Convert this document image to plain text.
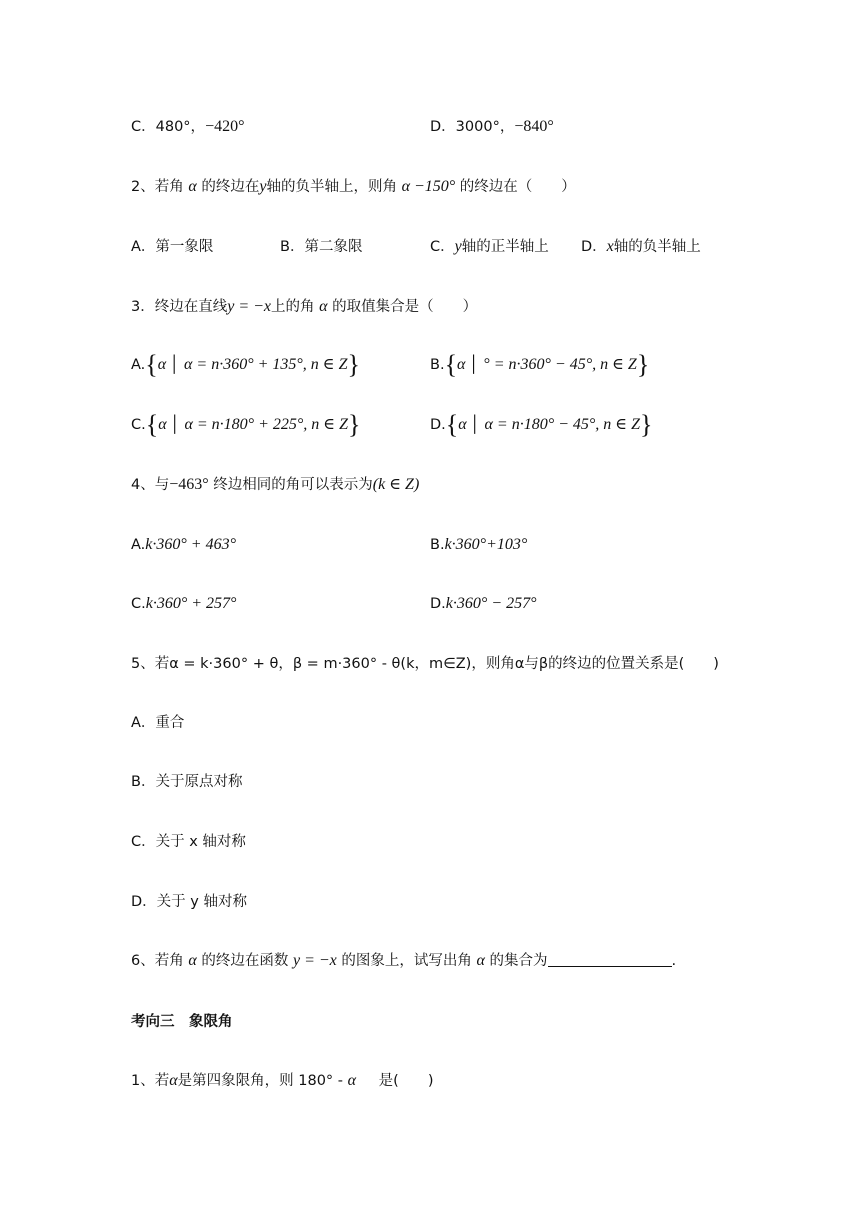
C．480°，−420°	D．3000°，−840°
2、若角 α 的终边在y轴的负半轴上，则角 α −150° 的终边在（　　）
A．第一象限	B．第二象限	C．y轴的正半轴上 D．x轴的负半轴上
3．终边在直线y = −x上的角 α 的取值集合是（　　）
A.{α │ α = n·360° + 135°, n ∈ Z}	B.{α │ ° = n·360° − 45°, n ∈ Z}
C.{α │ α = n·180° + 225°, n ∈ Z}	D.{α │ α = n·180° − 45°, n ∈ Z}
4、与−463° 终边相同的角可以表示为(k ∈ Z)
A.k·360° + 463°	B.k·360°+103°
C.k·360° + 257°	D.k·360° − 257°
5、若α = k·360° + θ，β = m·360° - θ(k，m∈Z)，则角α与β的终边的位置关系是(　　)
A．重合
B．关于原点对称
C．关于 x 轴对称
D．关于 y 轴对称
6、若角 α 的终边在函数 y = −x 的图象上，试写出角 α 的集合为	.
考向三　象限角
1、若α是第四象限角，则 180° - α 是(　　)
